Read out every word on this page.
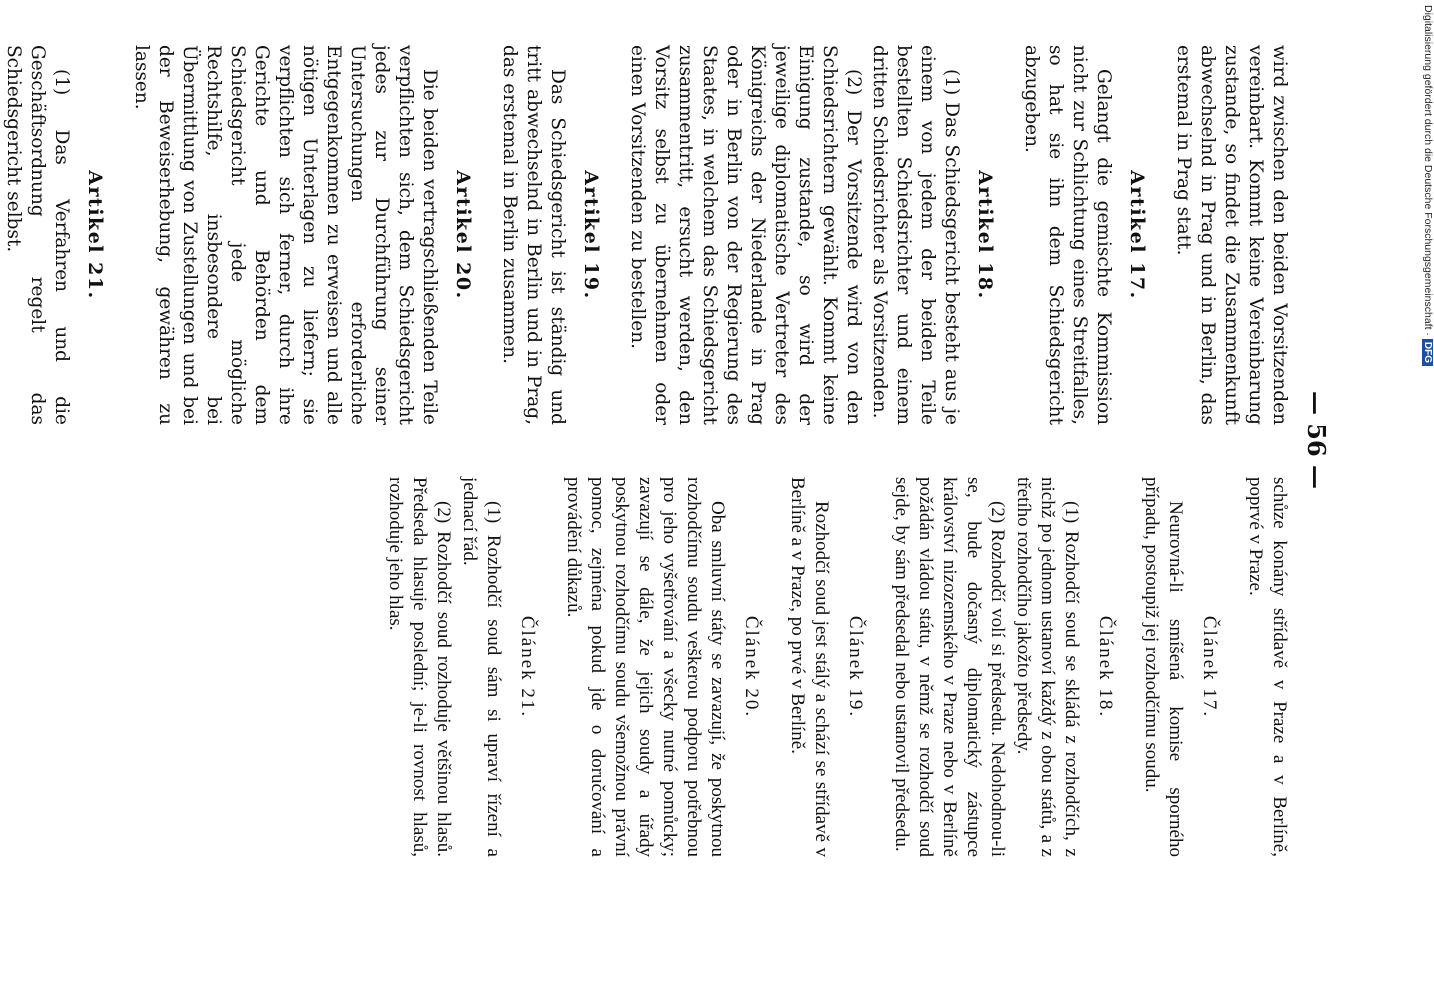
— 56 —

wird zwischen den beiden Vorsitzenden vereinbart. Kommt keine Vereinbarung zustande, so findet die Zusammenkunft abwechselnd in Prag und in Berlin, das erstemal in Prag statt.

Artikel 17.

Gelangt die gemischte Kommission nicht zur Schlichtung eines Streitfalles, so hat sie ihn dem Schiedsgericht abzugeben.

Artikel 18.

(1) Das Schiedsgericht besteht aus je einem von jedem der beiden Teile bestellten Schiedsrichter und einem dritten Schiedsrichter als Vorsitzenden.

(2) Der Vorsitzende wird von den Schiedsrichtern gewählt. Kommt keine Einigung zustande, so wird der jeweilige diplomatische Vertreter des Königreichs der Niederlande in Prag oder in Berlin von der Regierung des Staates, in welchem das Schiedsgericht zusammentritt, ersucht werden, den Vorsitz selbst zu übernehmen oder einen Vorsitzenden zu bestellen.

Artikel 19.

Das Schiedsgericht ist ständig und tritt abwechselnd in Berlin und in Prag, das erstemal in Berlin zusammen.

Artikel 20.

Die beiden vertragschließenden Teile verpflichten sich, dem Schiedsgericht jedes zur Durchführung seiner Untersuchungen erforderliche Entgegenkommen zu erweisen und alle nötigen Unterlagen zu liefern; sie verpflichten sich ferner, durch ihre Gerichte und Behörden dem Schiedsgericht jede mögliche Rechtshilfe, insbesondere bei Übermittlung von Zustellungen und bei der Beweiserhebung, gewähren zu lassen.

Artikel 21.

(1) Das Verfahren und die Geschäftsordnung regelt das Schiedsgericht selbst.

schůze konány střídavě v Praze a v Berlíně, poprvé v Praze.

Článek 17.

Neurovná-li smíšená komise sporného případu, postoupiž jej rozhodčímu soudu.

Článek 18.

(1) Rozhodčí soud se skládá z rozhodčích, z nichž po jednom ustanoví každý z obou států, a z třetího rozhodčího jakožto předsedy.

(2) Rozhodčí volí si předsedu. Nedohodnou-li se, bude dočasný diplomatický zástupce království nizozemského v Praze nebo v Berlíně požádán vládou státu, v němž se rozhodčí soud sejde, by sám předsedal nebo ustanovil předsedu.

Článek 19.

Rozhodčí soud jest stálý a schází se střídavě v Berlíně a v Praze, po prvé v Berlíně.

Článek 20.

Oba smluvní státy se zavazují, že poskytnou rozhodčímu soudu veškerou podporu potřebnou pro jeho vyšetřování a všecky nutné pomůcky; zavazují se dále, že jejich soudy a úřady poskytnou rozhodčímu soudu všemožnou právní pomoc, zejména pokud jde o doručování a provádění důkazů.

Článek 21.

(1) Rozhodčí soud sám si upraví řízení a jednací řád.

(2) Rozhodčí soud rozhoduje většinou hlasů. Předseda hlasuje poslední; je-li rovnost hlasů, rozhoduje jeho hlas.

Digitalisierung gefördert durch die Deutsche Forschungsgemeinschaft ·DFG
